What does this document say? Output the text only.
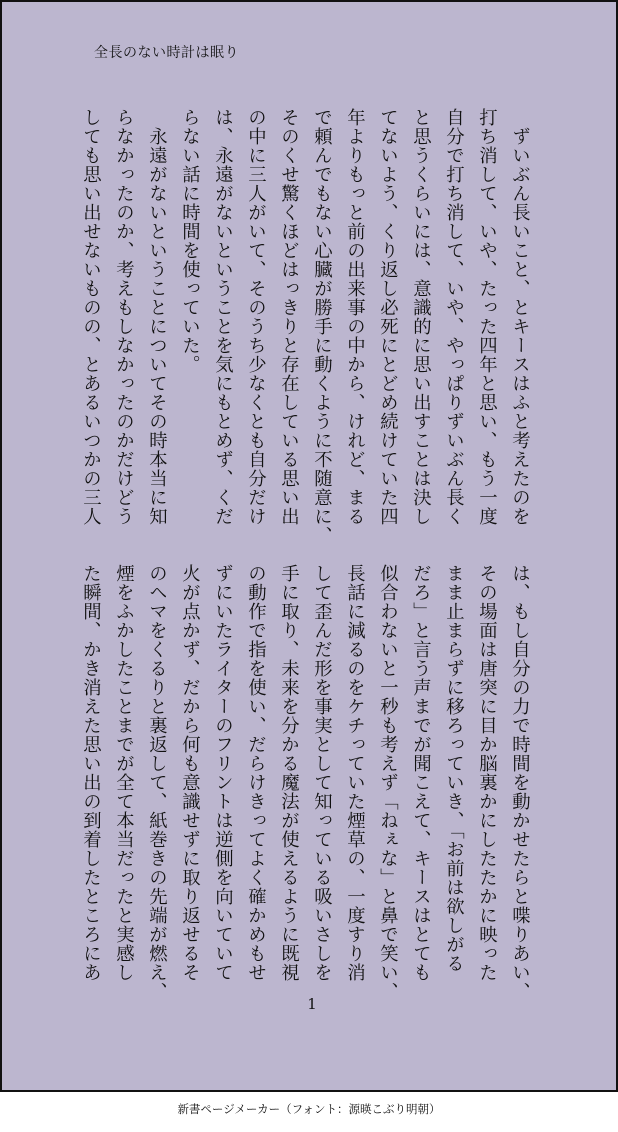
全長のない時計は眠り
　ずいぶん長いこと、とキースはふと考えたのを
打ち消して、いや、たった四年と思い、もう一度
自分で打ち消して、いや、やっぱりずいぶん長く
と思うくらいには、意識的に思い出すことは決し
てないよう、くり返し必死にとどめ続けていた四
年よりもっと前の出来事の中から、けれど、まる
で頼んでもない心臓が勝手に動くように不随意に、
そのくせ驚くほどはっきりと存在している思い出
の中に三人がいて、そのうち少なくとも自分だけ
は、永遠がないということを気にもとめず、くだ
らない話に時間を使っていた。
　永遠がないということについてその時本当に知
らなかったのか、考えもしなかったのかだけどう
しても思い出せないものの、とあるいつかの三人
は、もし自分の力で時間を動かせたらと喋りあい、
その場面は唐突に目か脳裏かにしたたかに映った
まま止まらずに移ろっていき、「お前は欲しがる
だろ」と言う声までが聞こえて、キースはとても
似合わないと一秒も考えず「ねぇな」と鼻で笑い、
長話に減るのをケチっていた煙草の、一度すり消
して歪んだ形を事実として知っている吸いさしを
手に取り、未来を分かる魔法が使えるように既視
の動作で指を使い、だらけきってよく確かめもせ
ずにいたライターのフリントは逆側を向いていて
火が点かず、だから何も意識せずに取り返せるそ
のヘマをくるりと裏返して、紙巻きの先端が燃え、
煙をふかしたことまでが全て本当だったと実感し
た瞬間、かき消えた思い出の到着したところにあ
1
新書ページメーカー（フォント：源暎こぶり明朝）
